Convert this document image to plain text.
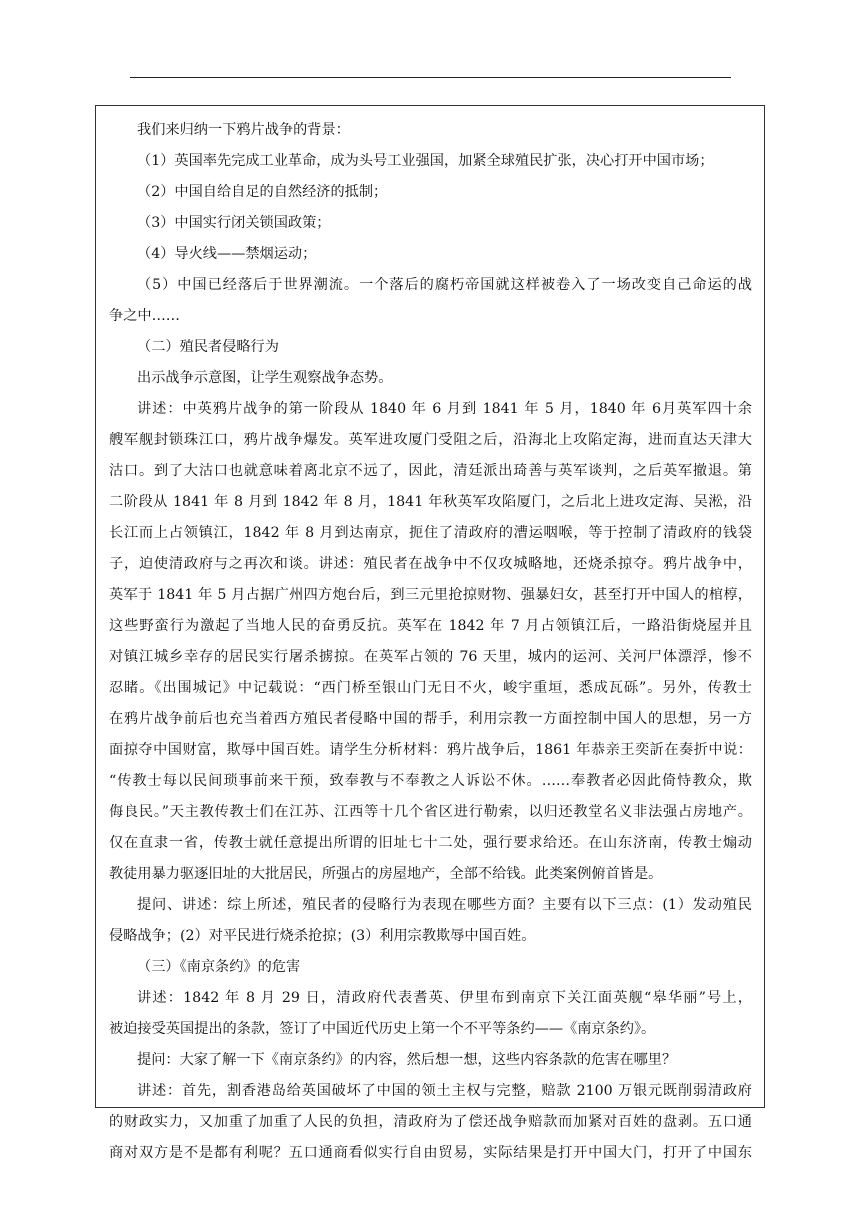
我们来归纳一下鸦片战争的背景：
（1）英国率先完成工业革命，成为头号工业强国，加紧全球殖民扩张，决心打开中国市场；
（2）中国自给自足的自然经济的抵制；
（3）中国实行闭关锁国政策；
（4）导火线——禁烟运动；
（5）中国已经落后于世界潮流。一个落后的腐朽帝国就这样被卷入了一场改变自己命运的战
争之中……
（二）殖民者侵略行为
出示战争示意图，让学生观察战争态势。
讲述：中英鸦片战争的第一阶段从 1840 年 6 月到 1841 年 5 月，1840 年 6月英军四十余
艘军舰封锁珠江口，鸦片战争爆发。英军进攻厦门受阻之后，沿海北上攻陷定海，进而直达天津大
沽口。到了大沽口也就意味着离北京不远了，因此，清廷派出琦善与英军谈判，之后英军撤退。第
二阶段从 1841 年 8 月到 1842 年 8 月，1841 年秋英军攻陷厦门，之后北上进攻定海、吴淞，沿
长江而上占领镇江，1842 年 8 月到达南京，扼住了清政府的漕运咽喉，等于控制了清政府的钱袋
子，迫使清政府与之再次和谈。讲述：殖民者在战争中不仅攻城略地，还烧杀掠夺。鸦片战争中，
英军于 1841 年 5 月占据广州四方炮台后，到三元里抢掠财物、强暴妇女，甚至打开中国人的棺椁，
这些野蛮行为激起了当地人民的奋勇反抗。英军在 1842 年 7 月占领镇江后，一路沿街烧屋并且
对镇江城乡幸存的居民实行屠杀掳掠。在英军占领的 76 天里，城内的运河、关河尸体漂浮，惨不
忍睹。《出围城记》中记载说：“西门桥至银山门无日不火，峻宇重垣，悉成瓦砾”。另外，传教士
在鸦片战争前后也充当着西方殖民者侵略中国的帮手，利用宗教一方面控制中国人的思想，另一方
面掠夺中国财富，欺辱中国百姓。请学生分析材料：鸦片战争后，1861 年恭亲王奕訢在奏折中说：
“传教士每以民间琐事前来干预，致奉教与不奉教之人诉讼不休。……奉教者必因此倚恃教众，欺
侮良民。”天主教传教士们在江苏、江西等十几个省区进行勒索，以归还教堂名义非法强占房地产。
仅在直隶一省，传教士就任意提出所谓的旧址七十二处，强行要求给还。在山东济南，传教士煽动
教徒用暴力驱逐旧址的大批居民，所强占的房屋地产，全部不给钱。此类案例俯首皆是。
提问、讲述：综上所述，殖民者的侵略行为表现在哪些方面？主要有以下三点：(1）发动殖民
侵略战争；(2）对平民进行烧杀抢掠；(3）利用宗教欺辱中国百姓。
（三）《南京条约》的危害
讲述：1842 年 8 月 29 日，清政府代表耆英、伊里布到南京下关江面英舰“皋华丽”号上，
被迫接受英国提出的条款，签订了中国近代历史上第一个不平等条约——《南京条约》。
提问：大家了解一下《南京条约》的内容，然后想一想，这些内容条款的危害在哪里？
讲述：首先，割香港岛给英国破坏了中国的领土主权与完整，赔款 2100 万银元既削弱清政府
的财政实力，又加重了加重了人民的负担，清政府为了偿还战争赔款而加紧对百姓的盘剥。五口通
商对双方是不是都有利呢？五口通商看似实行自由贸易，实际结果是打开中国大门，打开了中国东
